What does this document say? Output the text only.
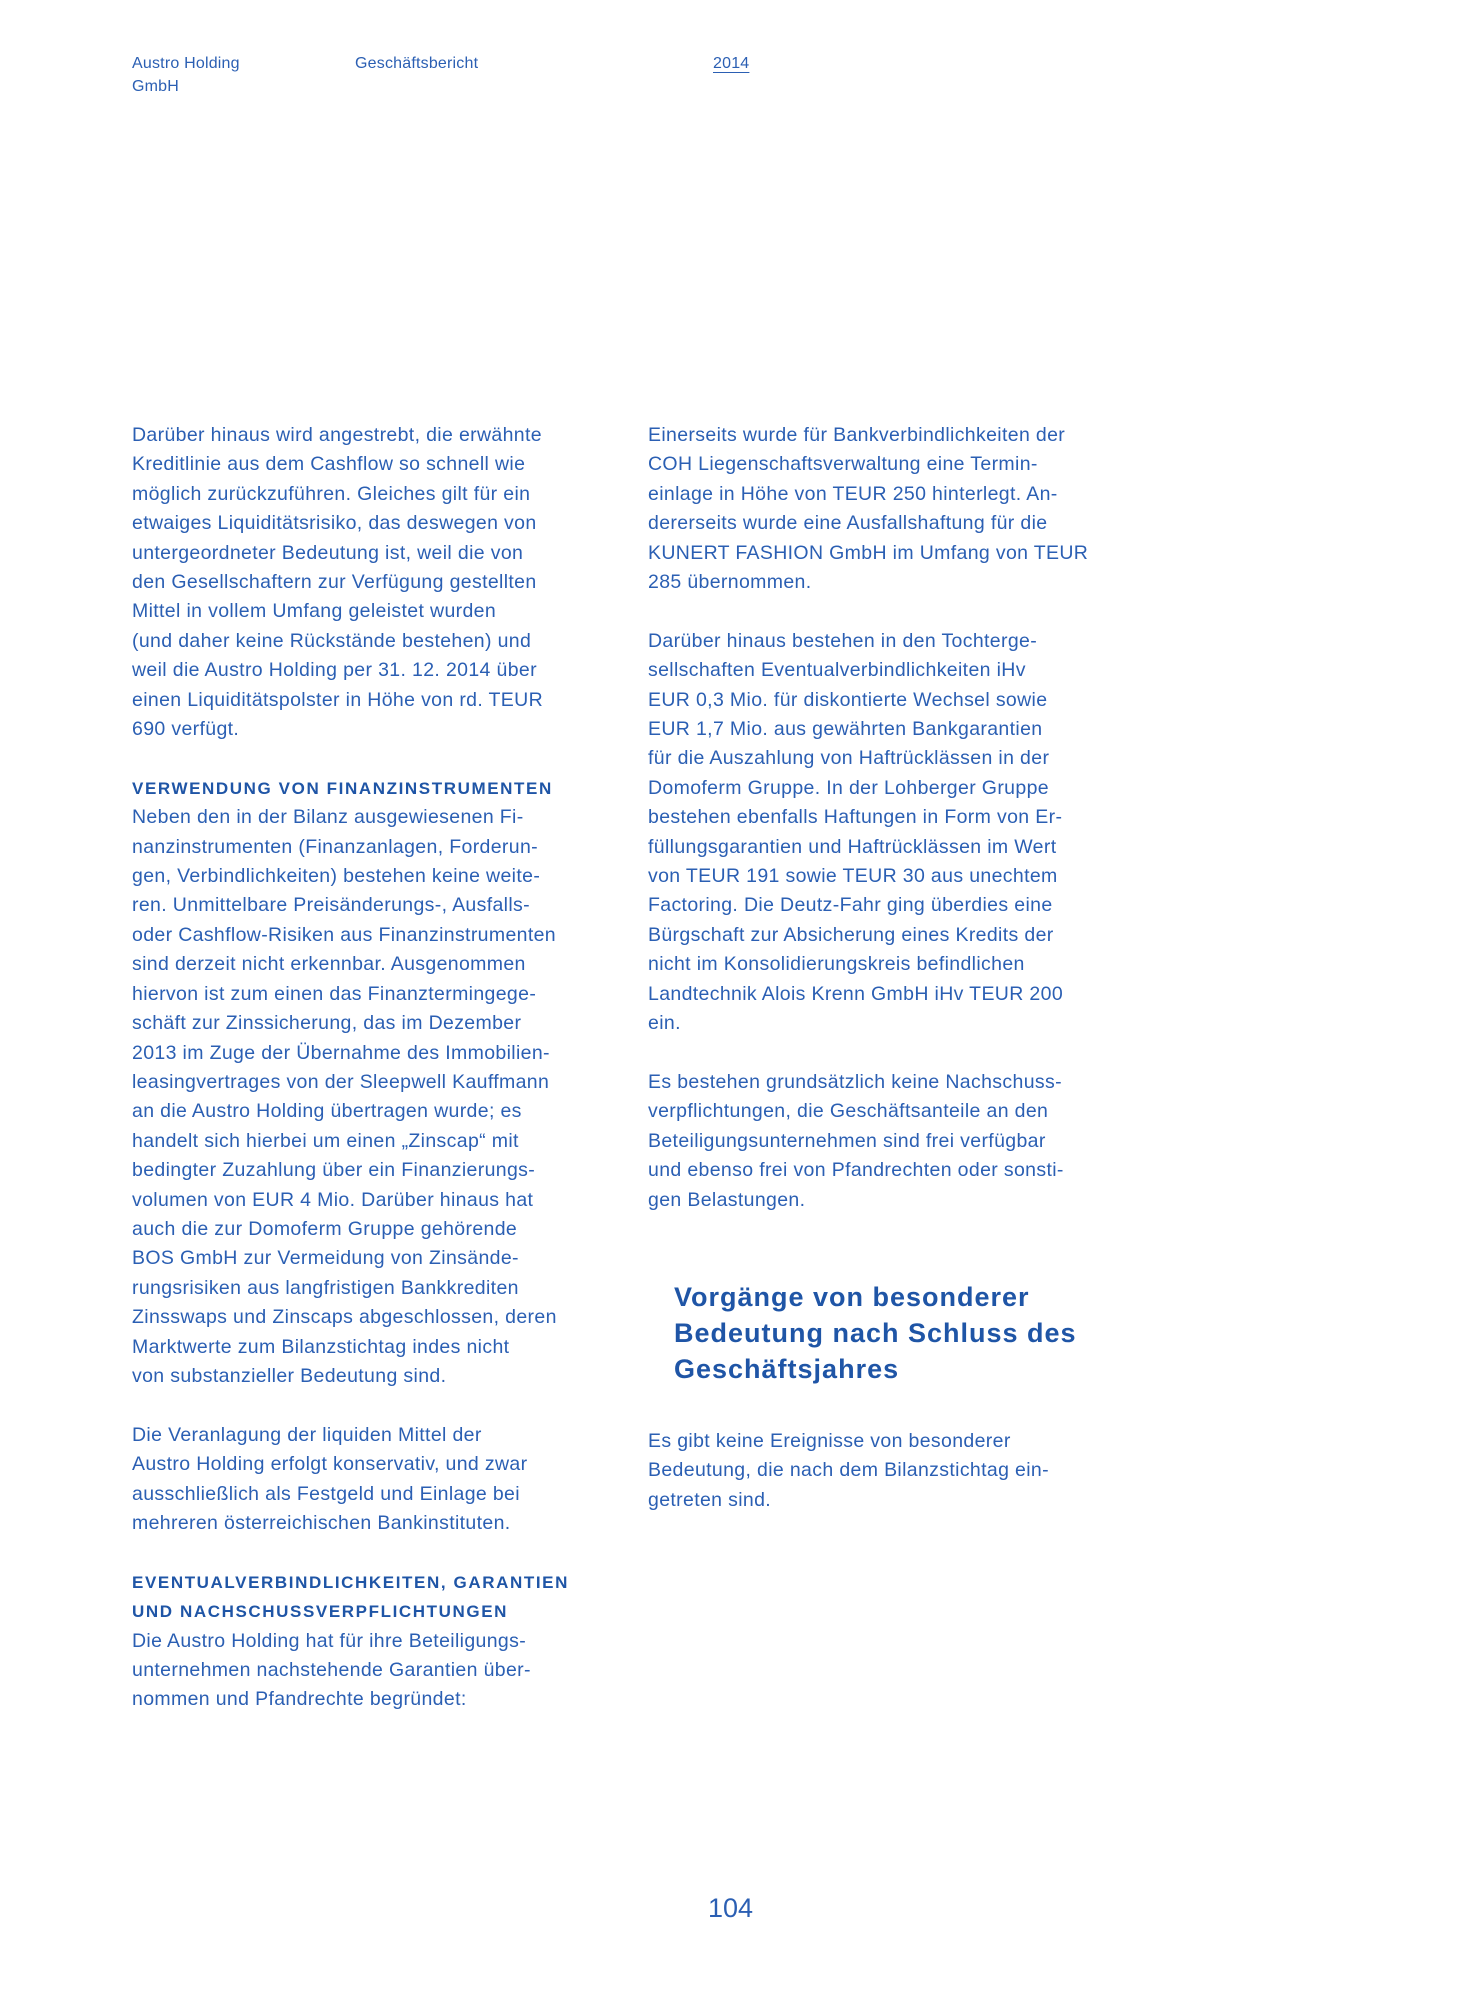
Austro Holding
GmbH
Geschäftsbericht	2014

Darüber hinaus wird angestrebt, die erwähnte
Kreditlinie aus dem Cashflow so schnell wie
möglich zurückzuführen. Gleiches gilt für ein
etwaiges Liquiditätsrisiko, das deswegen von
untergeordneter Bedeutung ist, weil die von
den Gesellschaftern zur Verfügung gestellten
Mittel in vollem Umfang geleistet wurden
(und daher keine Rückstände bestehen) und
weil die Austro Holding per 31. 12. 2014 über
einen Liquiditätspolster in Höhe von rd. TEUR
690 verfügt.

VERWENDUNG VON FINANZINSTRUMENTEN

Neben den in der Bilanz ausgewiesenen Fi-
nanzinstrumenten (Finanzanlagen, Forderun-
gen, Verbindlichkeiten) bestehen keine weite-
ren. Unmittelbare Preisänderungs-, Ausfalls-
oder Cashflow-Risiken aus Finanzinstrumenten
sind derzeit nicht erkennbar. Ausgenommen
hiervon ist zum einen das Finanztermingege-
schäft zur Zinssicherung, das im Dezember
2013 im Zuge der Übernahme des Immobilien-
leasingvertrages von der Sleepwell Kauffmann
an die Austro Holding übertragen wurde; es
handelt sich hierbei um einen „Zinscap“ mit
bedingter Zuzahlung über ein Finanzierungs-
volumen von EUR 4 Mio. Darüber hinaus hat
auch die zur Domoferm Gruppe gehörende
BOS GmbH zur Vermeidung von Zinsände-
rungsrisiken aus langfristigen Bankkrediten
Zinsswaps und Zinscaps abgeschlossen, deren
Marktwerte zum Bilanzstichtag indes nicht
von substanzieller Bedeutung sind.

Die Veranlagung der liquiden Mittel der
Austro Holding erfolgt konservativ, und zwar
ausschließlich als Festgeld und Einlage bei
mehreren österreichischen Bankinstituten.

EVENTUALVERBINDLICHKEITEN, GARANTIEN
UND NACHSCHUSSVERPFLICHTUNGEN

Die Austro Holding hat für ihre Beteiligungs-
unternehmen nachstehende Garantien über-
nommen und Pfandrechte begründet:

Einerseits wurde für Bankverbindlichkeiten der
COH Liegenschaftsverwaltung eine Termin-
einlage in Höhe von TEUR 250 hinterlegt. An-
dererseits wurde eine Ausfallshaftung für die
KUNERT FASHION GmbH im Umfang von TEUR
285 übernommen.

Darüber hinaus bestehen in den Tochterge-
sellschaften Eventualverbindlichkeiten iHv
EUR 0,3 Mio. für diskontierte Wechsel sowie
EUR 1,7 Mio. aus gewährten Bankgarantien
für die Auszahlung von Haftrücklässen in der
Domoferm Gruppe. In der Lohberger Gruppe
bestehen ebenfalls Haftungen in Form von Er-
füllungsgarantien und Haftrücklässen im Wert
von TEUR 191 sowie TEUR 30 aus unechtem
Factoring. Die Deutz-Fahr ging überdies eine
Bürgschaft zur Absicherung eines Kredits der
nicht im Konsolidierungskreis befindlichen
Landtechnik Alois Krenn GmbH iHv TEUR 200
ein.

Es bestehen grundsätzlich keine Nachschuss-
verpflichtungen, die Geschäftsanteile an den
Beteiligungsunternehmen sind frei verfügbar
und ebenso frei von Pfandrechten oder sonsti-
gen Belastungen.

Vorgänge von besonderer
Bedeutung nach Schluss des
Geschäftsjahres

Es gibt keine Ereignisse von besonderer
Bedeutung, die nach dem Bilanzstichtag ein-
getreten sind.

104
